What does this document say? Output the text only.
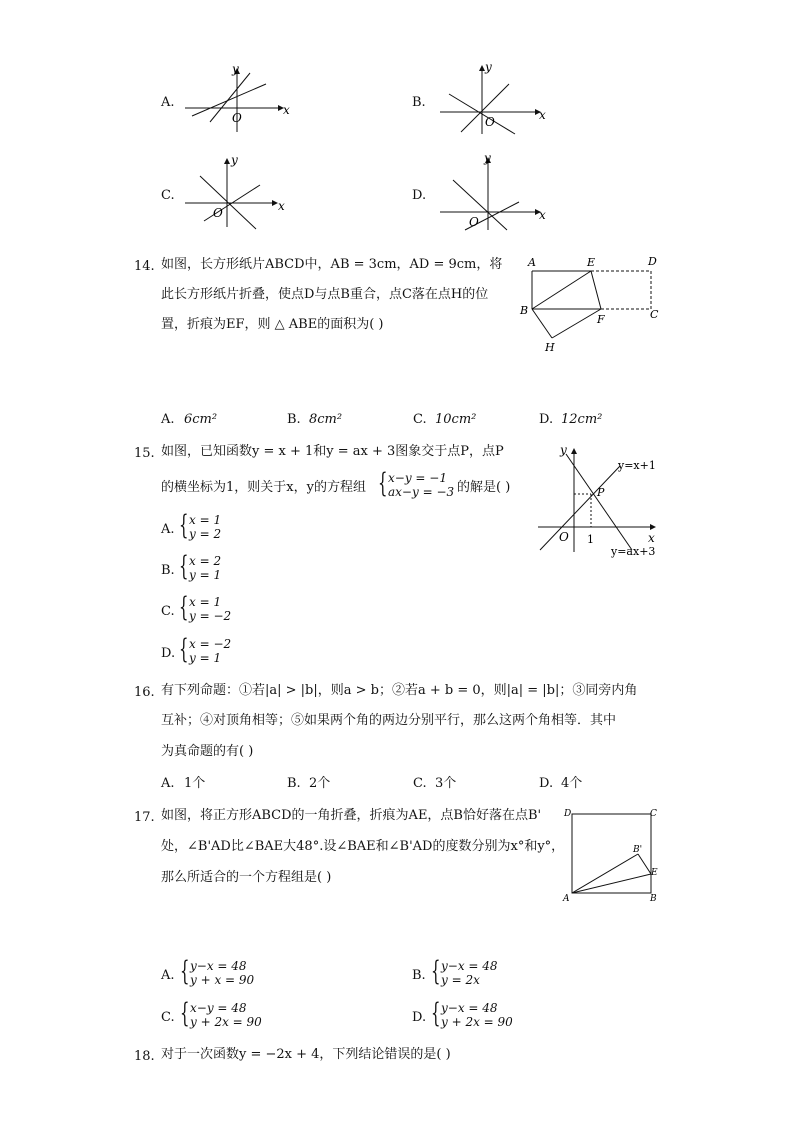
A.
y
x
O
B.
y
x
O
C.
y
x
O
D.
y
x
O
14. 如图，长方形纸片ABCD中，AB = 3cm，AD = 9cm，将
此长方形纸片折叠，使点D与点B重合，点C落在点H的位
置，折痕为EF，则 △ ABE的面积为( )
A	E	D
B
F	C
H
A. 6cm²	B. 8cm²	C. 10cm²	D. 12cm²
15. 如图，已知函数y = x + 1和y = ax + 3图象交于点P，点P
的横坐标为1，则关于x，y的方程组 { x−y = −1
ax−y = −3 的解是( )
y
x
O
P
1
y=x+1
y=ax+3
A. { x = 1
y = 2
B. { x = 2
y = 1
C. { x = 1
y = −2
D. { x = −2
y = 1
16. 有下列命题：①若|a| > |b|，则a > b；②若a + b = 0，则|a| = |b|；③同旁内角
互补；④对顶角相等；⑤如果两个角的两边分别平行，那么这两个角相等．其中
为真命题的有( )
A. 1个	B. 2个	C. 3个	D. 4个
17. 如图，将正方形ABCD的一角折叠，折痕为AE，点B恰好落在点B'
处，∠B'AD比∠BAE大48°.设∠BAE和∠B'AD的度数分别为x°和y°，
那么所适合的一个方程组是( )
D	C
B'
E
A	B
A. { y−x = 48
y + x = 90	B. { y−x = 48
y = 2x
C. { x−y = 48
y + 2x = 90	D. { y−x = 48
y + 2x = 90
18. 对于一次函数y = −2x + 4，下列结论错误的是( )
